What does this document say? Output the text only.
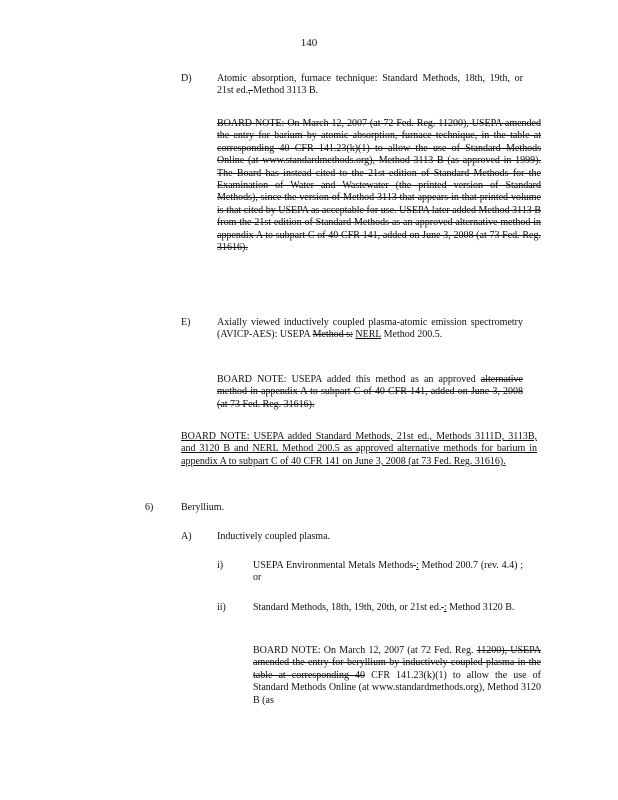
140
D)	Atomic absorption, furnace technique: Standard Methods, 18th, 19th, or 21st ed., Method 3113 B.
BOARD NOTE: On March 12, 2007 (at 72 Fed. Reg. 11200), USEPA amended the entry for barium by atomic absorption, furnace technique, in the table at corresponding 40 CFR 141.23(k)(1) to allow the use of Standard Methods Online (at www.standardmethods.org), Method 3113 B (as approved in 1999). The Board has instead cited to the 21st edition of Standard Methods for the Examination of Water and Wastewater (the printed version of Standard Methods), since the version of Method 3113 that appears in that printed volume is that cited by USEPA as acceptable for use. USEPA later added Method 3113 B from the 21st edition of Standard Methods as an approved alternative method in appendix A to subpart C of 40 CFR 141, added on June 3, 2008 (at 73 Fed. Reg. 31616).
E)	Axially viewed inductively coupled plasma-atomic emission spectrometry (AVICP-AES): USEPA Method s: NERL Method 200.5.
BOARD NOTE: USEPA added this method as an approved alternative method in appendix A to subpart C of 40 CFR 141, added on June 3, 2008 (at 73 Fed. Reg. 31616).
BOARD NOTE: USEPA added Standard Methods, 21st ed., Methods 3111D, 3113B, and 3120 B and NERL Method 200.5 as approved alternative methods for barium in appendix A to subpart C of 40 CFR 141 on June 3, 2008 (at 73 Fed. Reg. 31616).
6)	Beryllium.
A)	Inductively coupled plasma.
i)	USEPA Environmental Metals Methods : Method 200.7 (rev. 4.4) ; or
ii)	Standard Methods, 18th, 19th, 20th, or 21st ed. : Method 3120 B.
BOARD NOTE: On March 12, 2007 (at 72 Fed. Reg. 11200), USEPA amended the entry for beryllium by inductively coupled plasma in the table at corresponding 40 CFR 141.23(k)(1) to allow the use of Standard Methods Online (at www.standardmethods.org), Method 3120 B (as
